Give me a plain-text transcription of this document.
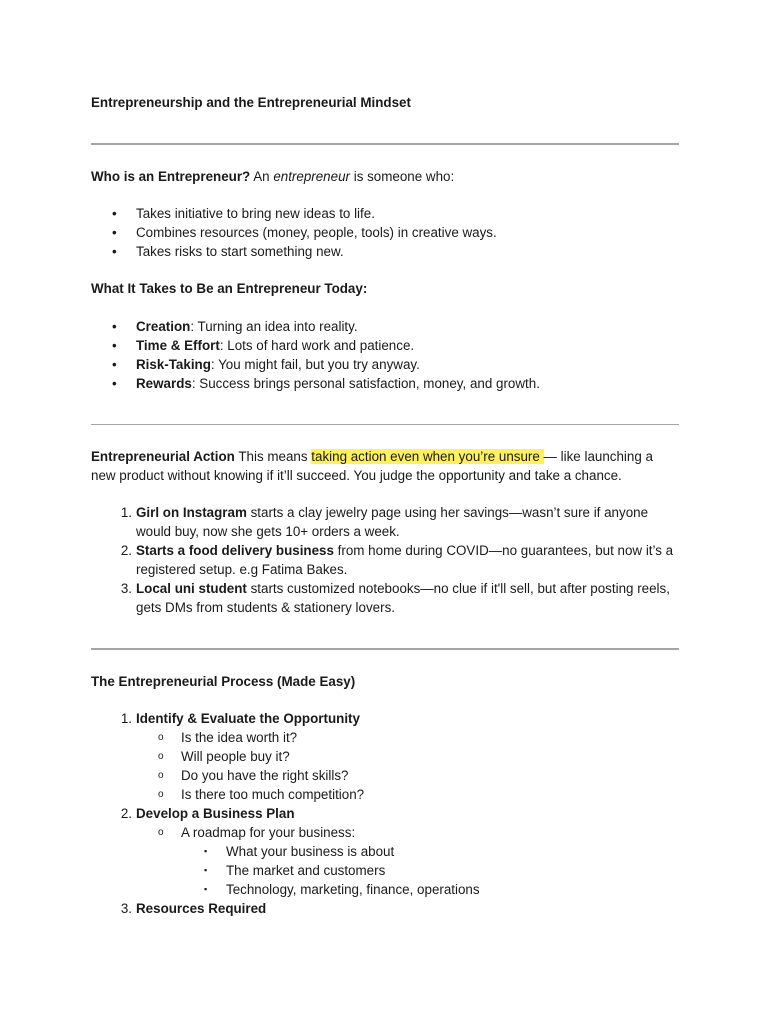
Entrepreneurship and the Entrepreneurial Mindset

Who is an Entrepreneur? An entrepreneur is someone who:

• Takes initiative to bring new ideas to life.
• Combines resources (money, people, tools) in creative ways.
• Takes risks to start something new.

What It Takes to Be an Entrepreneur Today:

• Creation: Turning an idea into reality.
• Time & Effort: Lots of hard work and patience.
• Risk-Taking: You might fail, but you try anyway.
• Rewards: Success brings personal satisfaction, money, and growth.

Entrepreneurial Action This means taking action even when you’re unsure — like launching a new product without knowing if it’ll succeed. You judge the opportunity and take a chance.

1. Girl on Instagram starts a clay jewelry page using her savings—wasn’t sure if anyone would buy, now she gets 10+ orders a week.
2. Starts a food delivery business from home during COVID—no guarantees, but now it’s a registered setup. e.g Fatima Bakes.
3. Local uni student starts customized notebooks—no clue if it'll sell, but after posting reels, gets DMs from students & stationery lovers.

The Entrepreneurial Process (Made Easy)

1. Identify & Evaluate the Opportunity
o Is the idea worth it?
o Will people buy it?
o Do you have the right skills?
o Is there too much competition?
2. Develop a Business Plan
o A roadmap for your business:
▪ What your business is about
▪ The market and customers
▪ Technology, marketing, finance, operations
3. Resources Required
